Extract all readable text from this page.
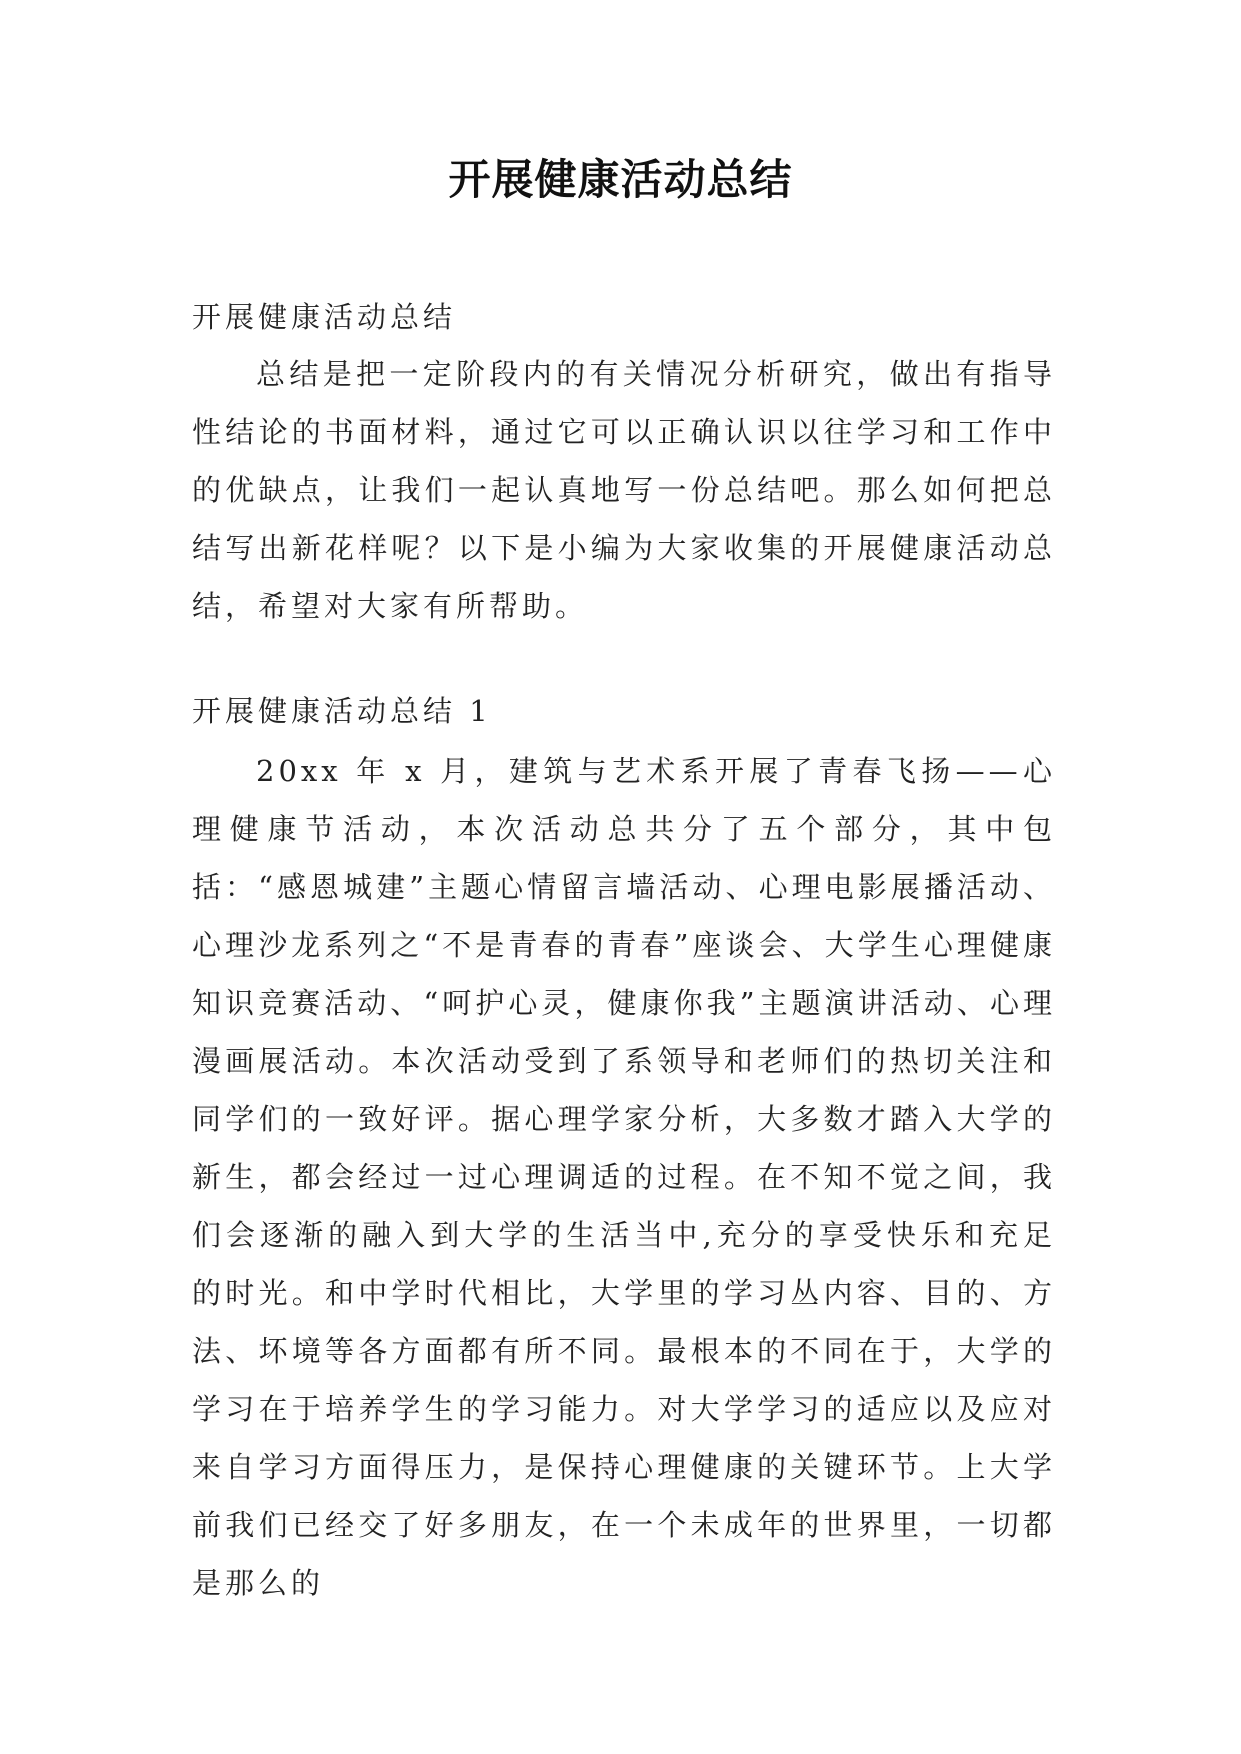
开展健康活动总结
开展健康活动总结

总结是把一定阶段内的有关情况分析研究，做出有指导性结论的书面材料，通过它可以正确认识以往学习和工作中的优缺点，让我们一起认真地写一份总结吧。那么如何把总结写出新花样呢？以下是小编为大家收集的开展健康活动总结，希望对大家有所帮助。

开展健康活动总结 1

20xx 年 x 月，建筑与艺术系开展了青春飞扬——心理健康节活动，本次活动总共分了五个部分，其中包括：“感恩城建”主题心情留言墙活动、心理电影展播活动、心理沙龙系列之“不是青春的青春”座谈会、大学生心理健康知识竞赛活动、“呵护心灵，健康你我”主题演讲活动、心理漫画展活动。本次活动受到了系领导和老师们的热切关注和同学们的一致好评。据心理学家分析，大多数才踏入大学的新生，都会经过一过心理调适的过程。在不知不觉之间，我们会逐渐的融入到大学的生活当中,充分的享受快乐和充足的时光。和中学时代相比，大学里的学习丛内容、目的、方法、坏境等各方面都有所不同。最根本的不同在于，大学的学习在于培养学生的学习能力。对大学学习的适应以及应对来自学习方面得压力，是保持心理健康的关键环节。上大学前我们已经交了好多朋友，在一个未成年的世界里，一切都是那么的
